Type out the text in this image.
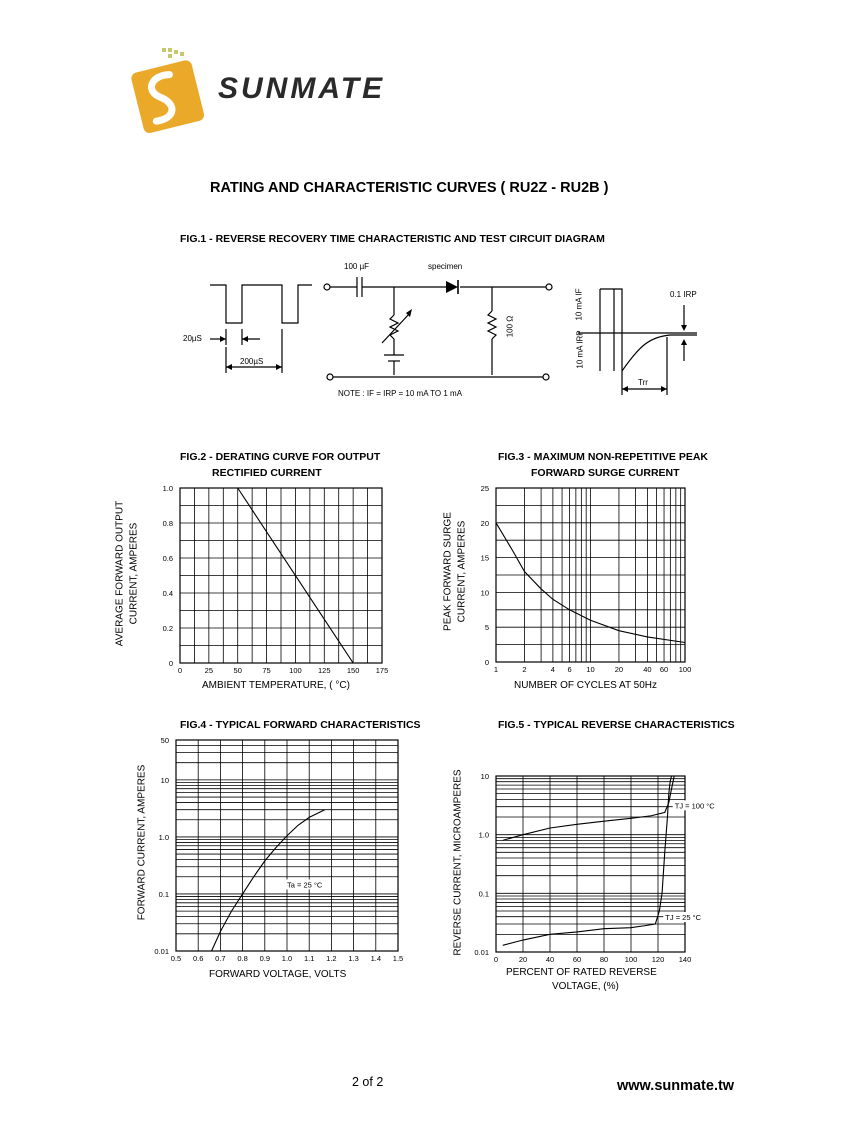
SUNMATE
RATING AND CHARACTERISTIC CURVES ( RU2Z - RU2B )
FIG.1 - REVERSE RECOVERY TIME CHARACTERISTIC AND TEST CIRCUIT DIAGRAM
100 µF	specimen
20µS
200µS
100 Ω
NOTE : IF = IRP = 10 mA TO 1 mA
10 mA IF
10 mA IRP
0.1 IRP
Trr
FIG.2 - DERATING CURVE FOR OUTPUT
RECTIFIED CURRENT
AVERAGE FORWARD OUTPUT CURRENT, AMPERES
0	25	50	75 100 125 150 175
0
0.2
0.4
0.6
0.8
1.0
AMBIENT TEMPERATURE, ( °C)
FIG.3 - MAXIMUM NON-REPETITIVE PEAK
FORWARD SURGE CURRENT
PEAK FORWARD SURGE CURRENT, AMPERES
1	2	4 6 10	20	40 60 100
0
5
10
15
20
25
NUMBER OF CYCLES AT 50Hz
FIG.4 - TYPICAL FORWARD CHARACTERISTICS
FORWARD CURRENT, AMPERES
0.5 0.6 0.7 0.8 0.9 1.0 1.1 1.2 1.3 1.4 1.5
0.01
0.1
1.0
10
50
Ta = 25 °C
FORWARD VOLTAGE, VOLTS
FIG.5 - TYPICAL REVERSE CHARACTERISTICS
REVERSE CURRENT, MICROAMPERES
0	20 40 60 80 100 120 140
0.01
0.1
1.0
10
TJ = 100 °C
TJ = 25 °C
PERCENT OF RATED REVERSE
VOLTAGE, (%)
2 of 2	www.sunmate.tw
